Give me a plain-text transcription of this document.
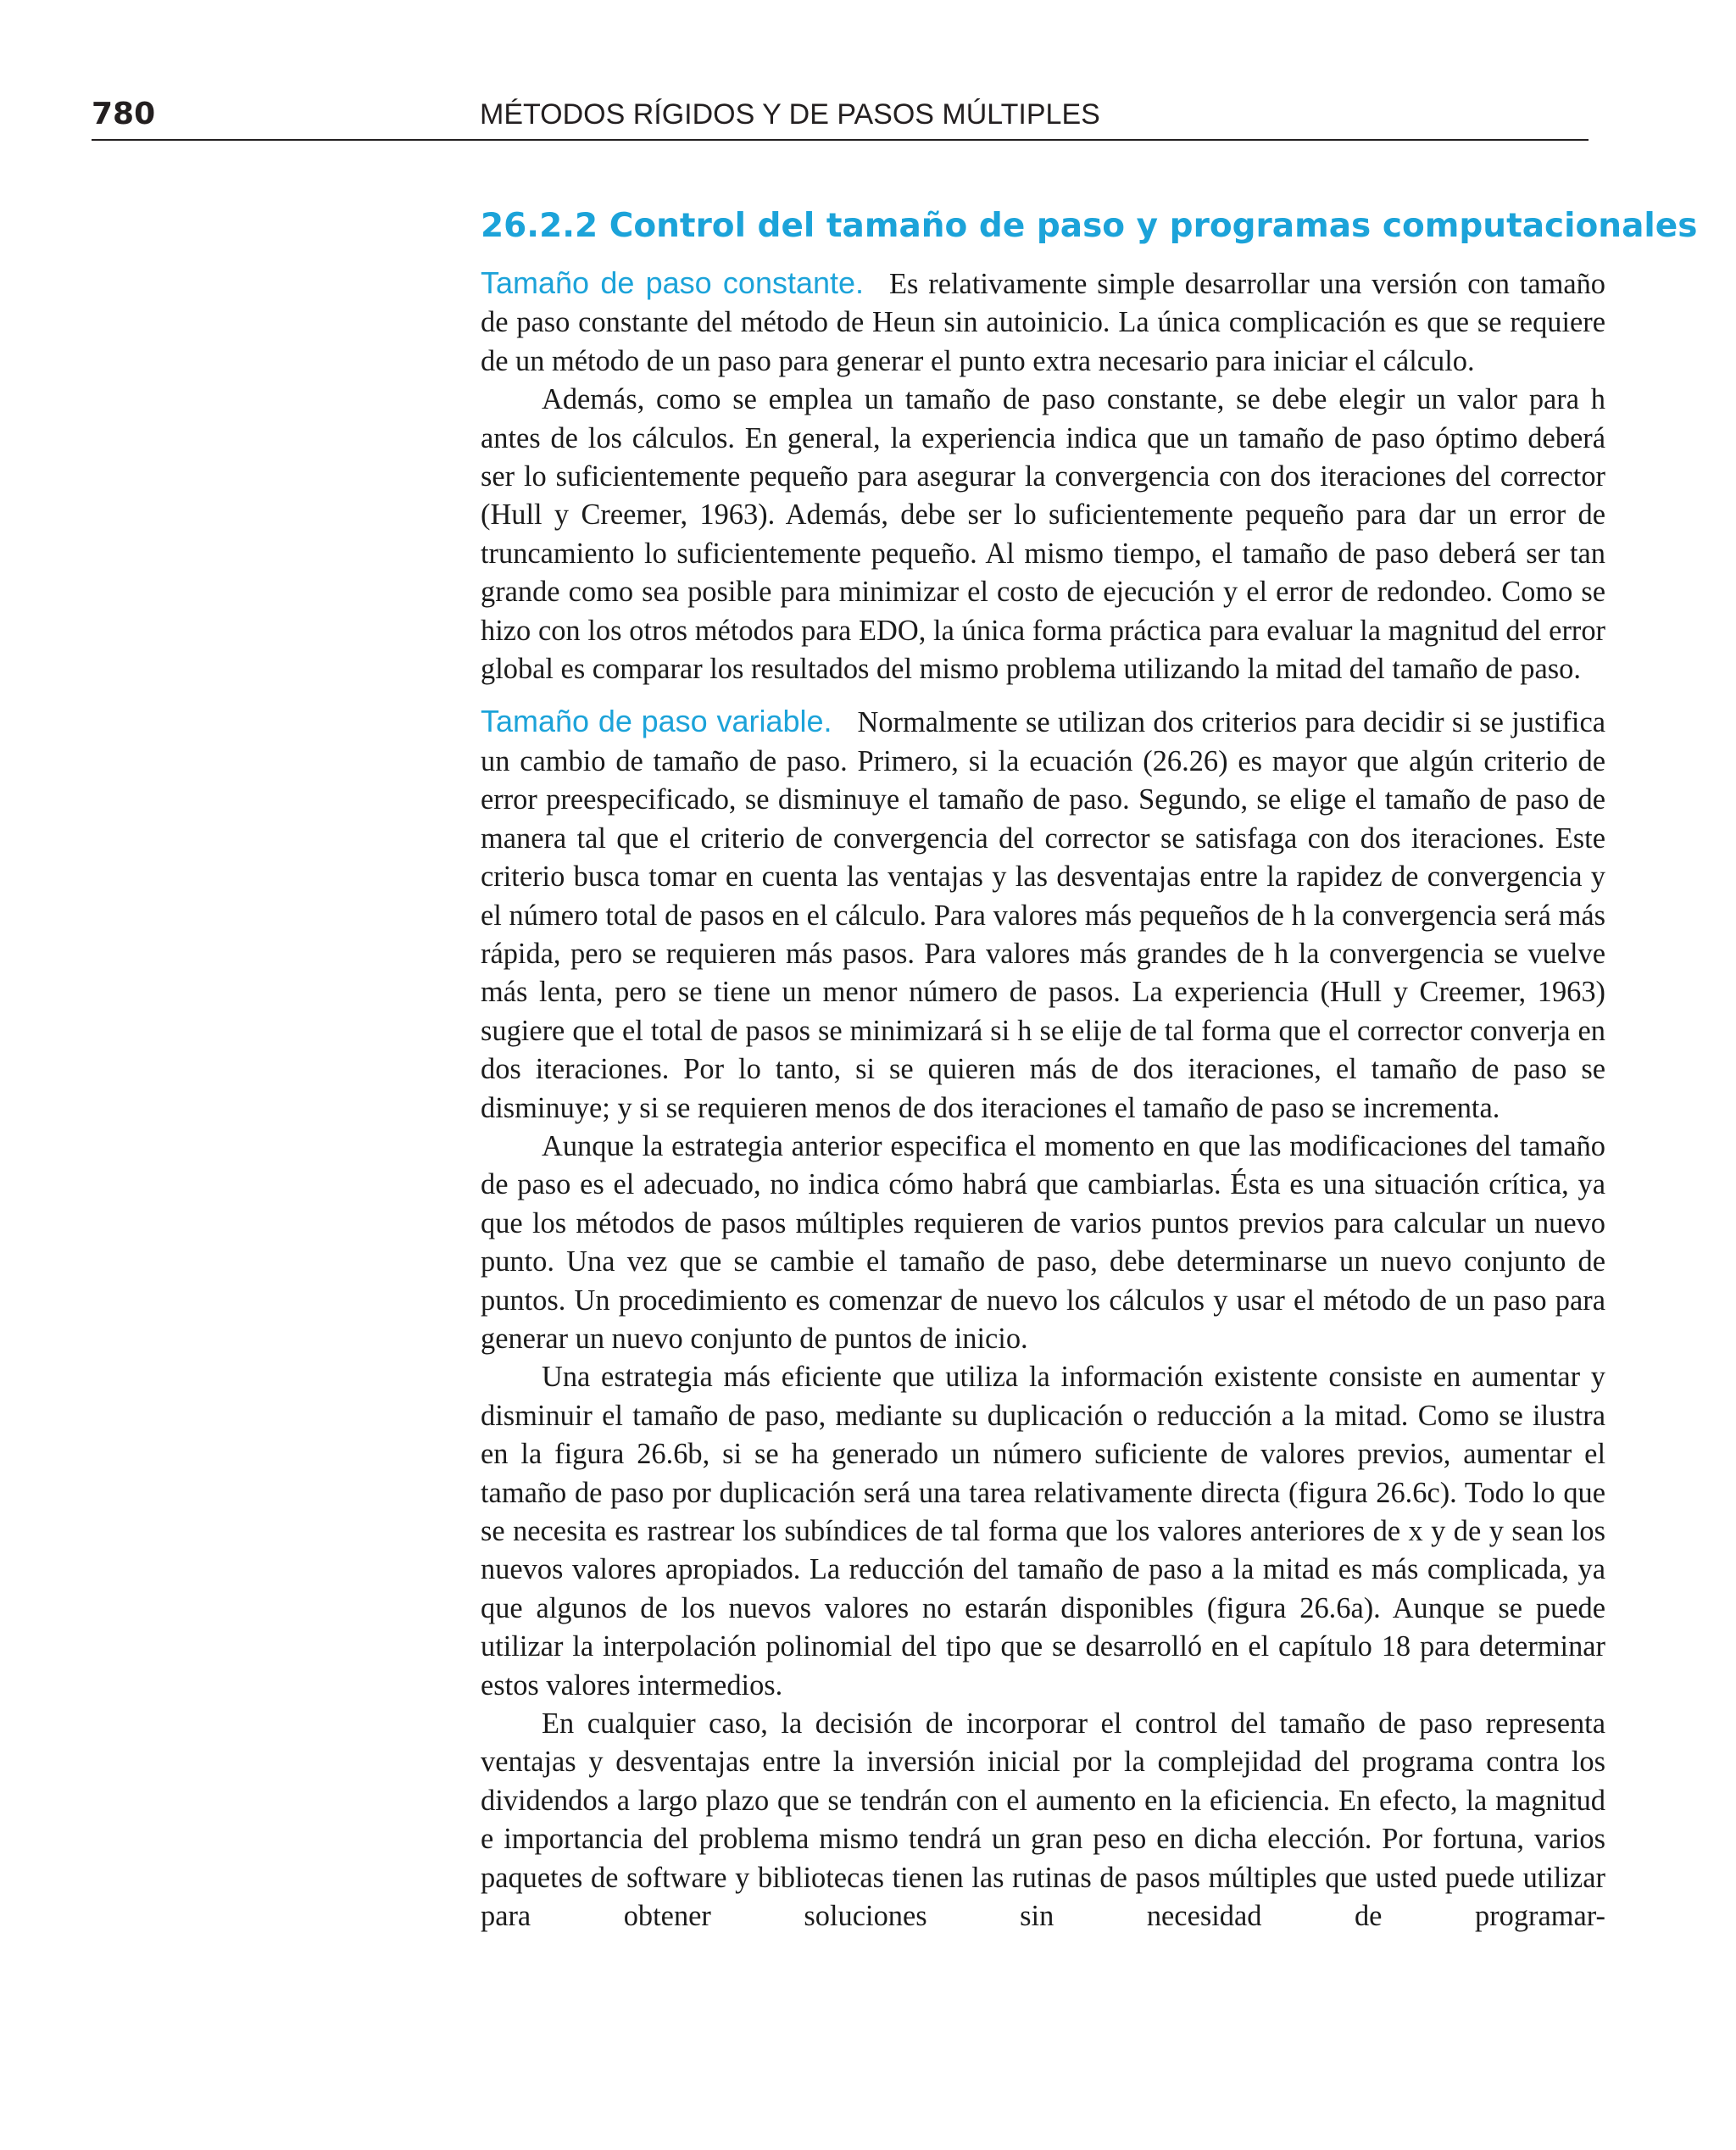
780	MÉTODOS RÍGIDOS Y DE PASOS MÚLTIPLES
26.2.2 Control del tamaño de paso y programas computacionales

Tamaño de paso constante. Es relativamente simple desarrollar una versión con tamaño de paso constante del método de Heun sin autoinicio. La única complicación es que se requiere de un método de un paso para generar el punto extra necesario para iniciar el cálculo.

Además, como se emplea un tamaño de paso constante, se debe elegir un valor para h antes de los cálculos. En general, la experiencia indica que un tamaño de paso óptimo deberá ser lo suficientemente pequeño para asegurar la convergencia con dos iteraciones del corrector (Hull y Creemer, 1963). Además, debe ser lo suficientemente pequeño para dar un error de truncamiento lo suficientemente pequeño. Al mismo tiempo, el tamaño de paso deberá ser tan grande como sea posible para minimizar el costo de ejecución y el error de redondeo. Como se hizo con los otros métodos para EDO, la única forma práctica para evaluar la magnitud del error global es comparar los resultados del mismo problema utilizando la mitad del tamaño de paso.

Tamaño de paso variable. Normalmente se utilizan dos criterios para decidir si se justifica un cambio de tamaño de paso. Primero, si la ecuación (26.26) es mayor que algún criterio de error preespecificado, se disminuye el tamaño de paso. Segundo, se elige el tamaño de paso de manera tal que el criterio de convergencia del corrector se satisfaga con dos iteraciones. Este criterio busca tomar en cuenta las ventajas y las desventajas entre la rapidez de convergencia y el número total de pasos en el cálculo. Para valores más pequeños de h la convergencia será más rápida, pero se requieren más pasos. Para valores más grandes de h la convergencia se vuelve más lenta, pero se tiene un menor número de pasos. La experiencia (Hull y Creemer, 1963) sugiere que el total de pasos se minimizará si h se elije de tal forma que el corrector converja en dos iteraciones. Por lo tanto, si se quieren más de dos iteraciones, el tamaño de paso se disminuye; y si se requieren menos de dos iteraciones el tamaño de paso se incrementa.

Aunque la estrategia anterior especifica el momento en que las modificaciones del tamaño de paso es el adecuado, no indica cómo habrá que cambiarlas. Ésta es una situación crítica, ya que los métodos de pasos múltiples requieren de varios puntos previos para calcular un nuevo punto. Una vez que se cambie el tamaño de paso, debe determinarse un nuevo conjunto de puntos. Un procedimiento es comenzar de nuevo los cálculos y usar el método de un paso para generar un nuevo conjunto de puntos de inicio.

Una estrategia más eficiente que utiliza la información existente consiste en aumentar y disminuir el tamaño de paso, mediante su duplicación o reducción a la mitad. Como se ilustra en la figura 26.6b, si se ha generado un número suficiente de valores previos, aumentar el tamaño de paso por duplicación será una tarea relativamente directa (figura 26.6c). Todo lo que se necesita es rastrear los subíndices de tal forma que los valores anteriores de x y de y sean los nuevos valores apropiados. La reducción del tamaño de paso a la mitad es más complicada, ya que algunos de los nuevos valores no estarán disponibles (figura 26.6a). Aunque se puede utilizar la interpolación polinomial del tipo que se desarrolló en el capítulo 18 para determinar estos valores intermedios.

En cualquier caso, la decisión de incorporar el control del tamaño de paso representa ventajas y desventajas entre la inversión inicial por la complejidad del programa contra los dividendos a largo plazo que se tendrán con el aumento en la eficiencia. En efecto, la magnitud e importancia del problema mismo tendrá un gran peso en dicha elección. Por fortuna, varios paquetes de software y bibliotecas tienen las rutinas de pasos múltiples que usted puede utilizar para obtener soluciones sin necesidad de programar-
